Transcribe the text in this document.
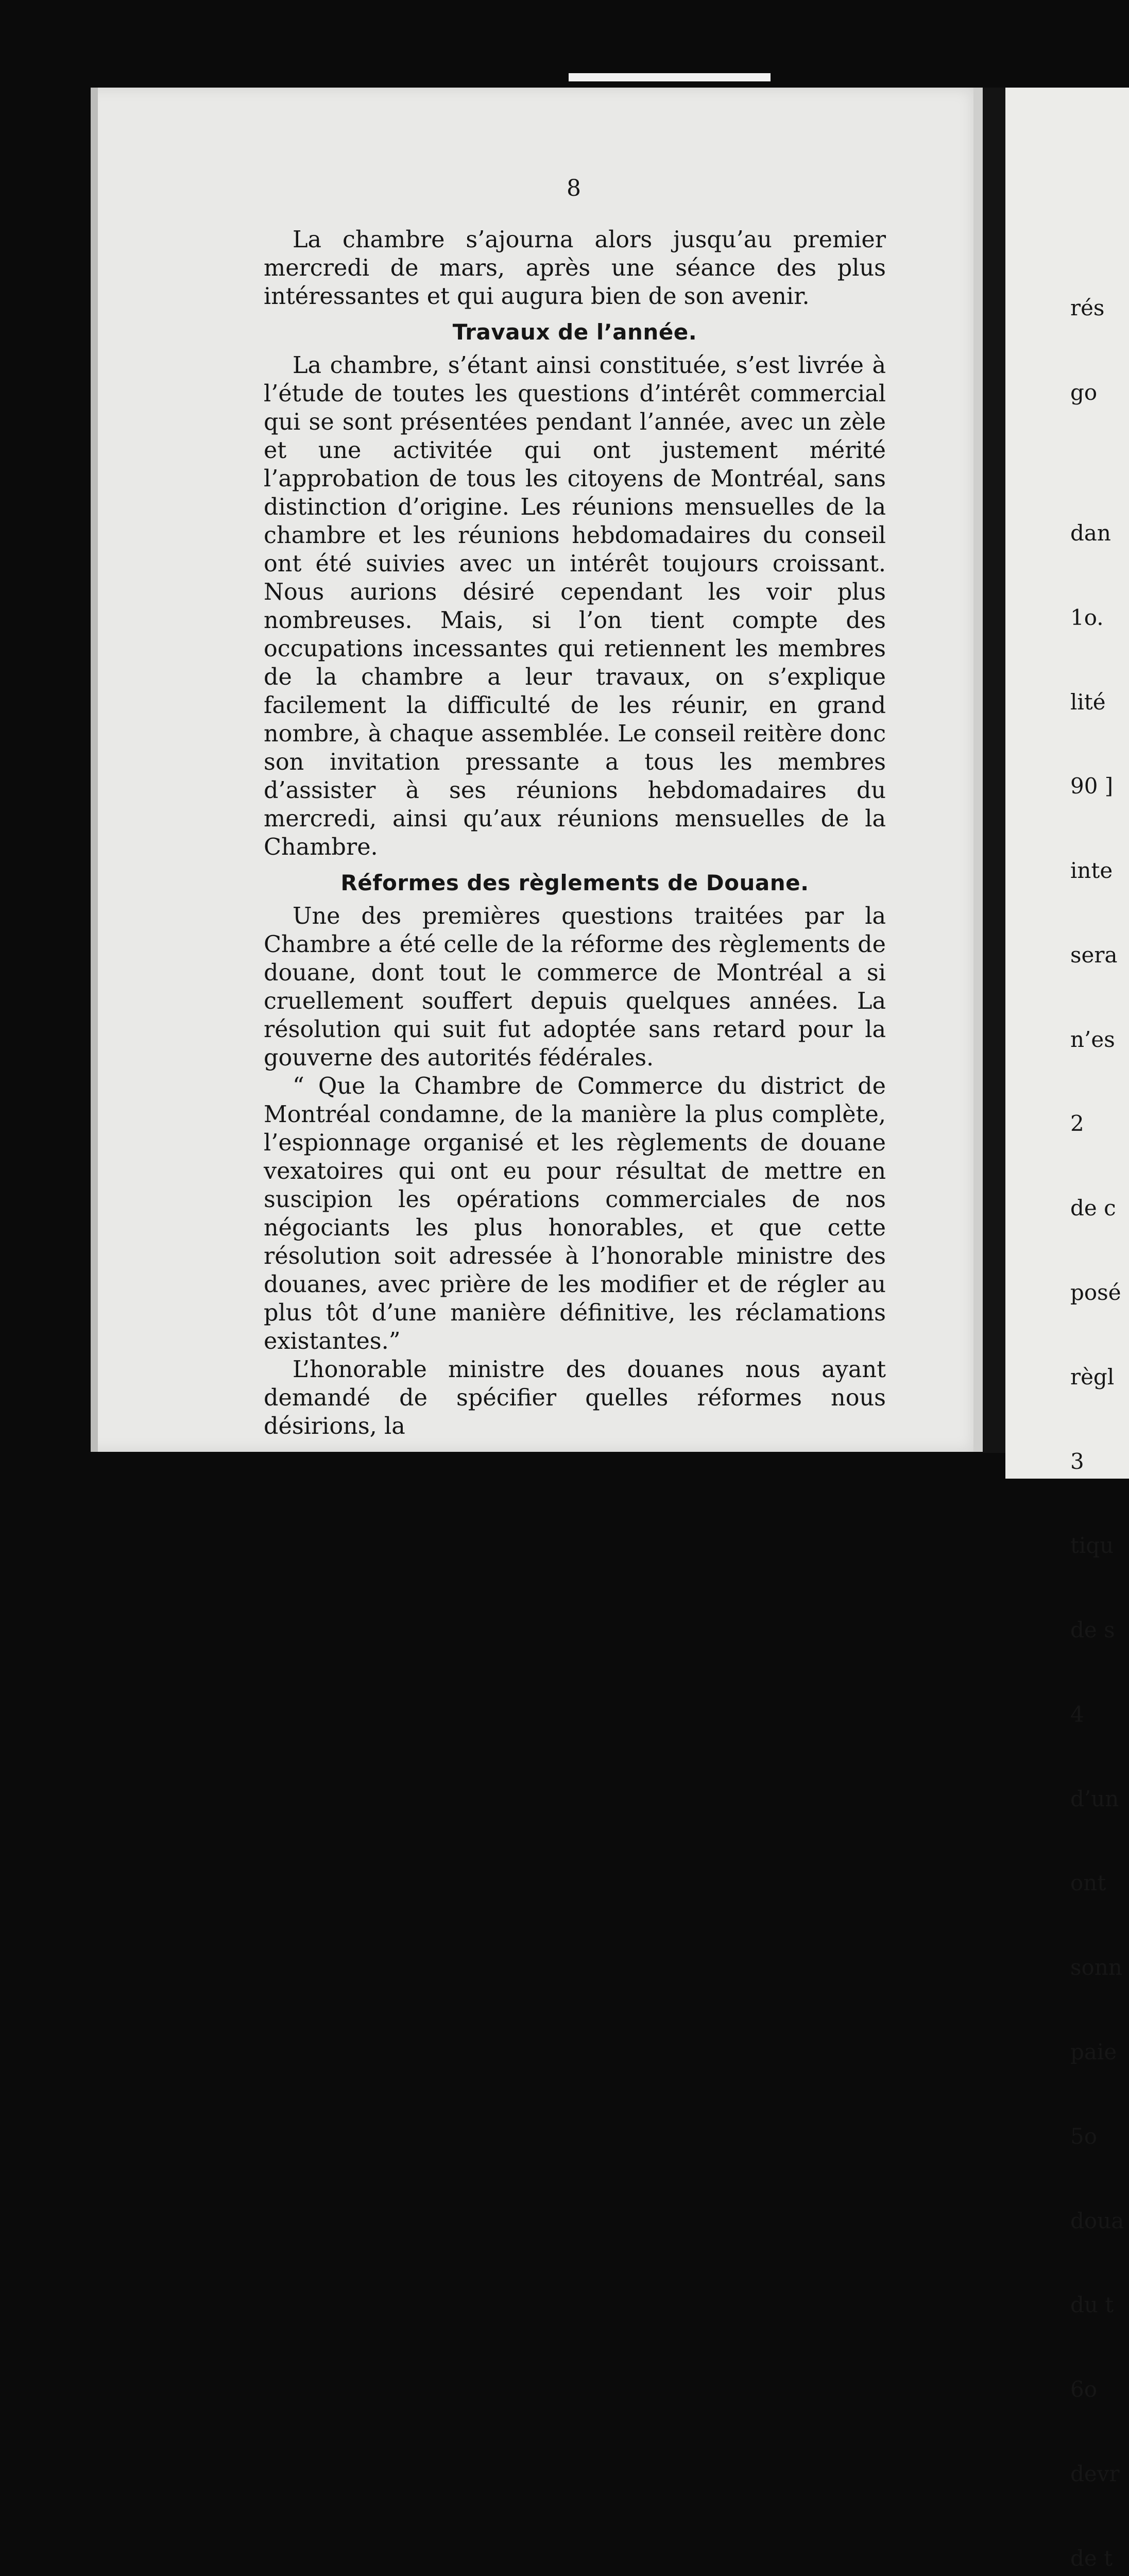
8

La chambre s’ajourna alors jusqu’au premier mercredi de mars, après une séance des plus intéressantes et qui augura bien de son avenir.

Travaux de l’année.

La chambre, s’étant ainsi constituée, s’est livrée à l’étude de toutes les questions d’intérêt commercial qui se sont présentées pendant l’année, avec un zèle et une activitée qui ont justement mérité l’approbation de tous les citoyens de Montréal, sans distinction d’origine. Les réunions mensuelles de la chambre et les réunions hebdomadaires du conseil ont été suivies avec un intérêt toujours croissant. Nous aurions désiré cependant les voir plus nombreuses. Mais, si l’on tient compte des occupations incessantes qui retiennent les membres de la chambre a leur travaux, on s’explique facilement la difficulté de les réunir, en grand nombre, à chaque assemblée. Le conseil reitère donc son invitation pressante a tous les membres d’assister à ses réunions hebdomadaires du mercredi, ainsi qu’aux réunions mensuelles de la Chambre.

Réformes des règlements de Douane.

Une des premières questions traitées par la Chambre a été celle de la réforme des règlements de douane, dont tout le commerce de Montréal a si cruellement souffert depuis quelques années. La résolution qui suit fut adoptée sans retard pour la gouverne des autorités fédérales.

“ Que la Chambre de Commerce du district de Montréal condamne, de la manière la plus complète, l’espionnage organisé et les règlements de douane vexatoires qui ont eu pour résultat de mettre en suscipion les opérations commerciales de nos négociants les plus honorables, et que cette résolution soit adressée à l’honorable ministre des douanes, avec prière de les modifier et de régler au plus tôt d’une manière définitive, les réclamations existantes.”

L’honorable ministre des douanes nous ayant demandé de spécifier quelles réformes nous désirions, la

rés

go

dan

1o.

lité

90 ]

inte

sera

n’es

2

de c

posé

règl

3

tiqu

de s

4

d’un

ont

sonn

paie

5o

doua

du t

6o

devr

de t
